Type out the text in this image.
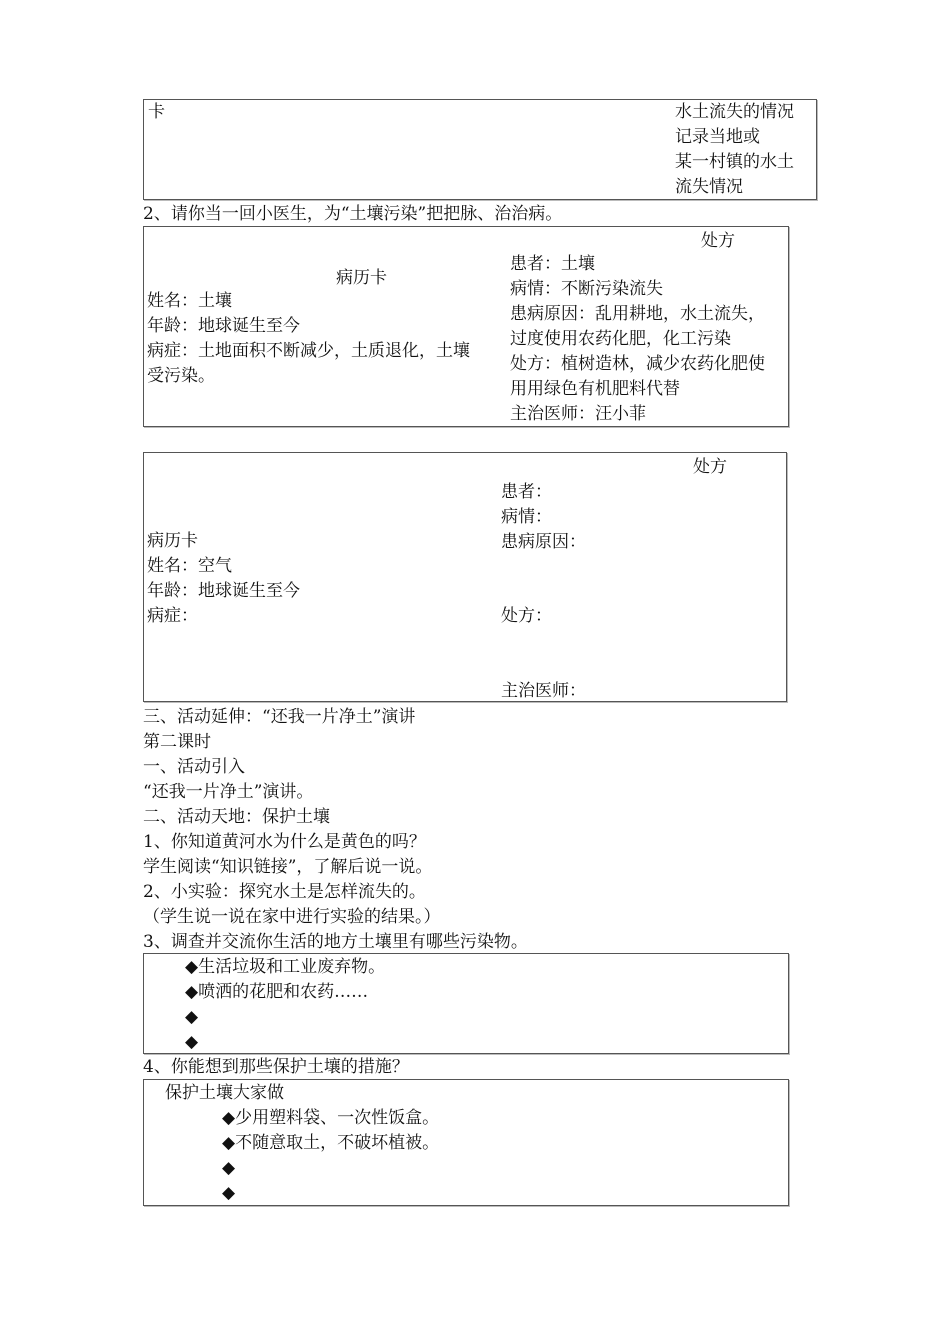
卡	水土流失的情况
记录当地或
某一村镇的水土
流失情况
2、请你当一回小医生，为“土壤污染”把把脉、治治病。
处方
病历卡
姓名：土壤
年龄：地球诞生至今
病症：土地面积不断减少，土质退化，土壤
受污染。
患者：土壤
病情：不断污染流失
患病原因：乱用耕地，水土流失，
过度使用农药化肥，化工污染
处方：植树造林，减少农药化肥使
用用绿色有机肥料代替
主治医师：汪小菲
处方
病历卡
姓名：空气
年龄：地球诞生至今
病症：
患者：
病情：
患病原因：
处方：
主治医师：
三、活动延伸：“还我一片净土”演讲
第二课时
一、活动引入
“还我一片净土”演讲。
二、活动天地：保护土壤
1、你知道黄河水为什么是黄色的吗？
学生阅读“知识链接”，了解后说一说。
2、小实验：探究水土是怎样流失的。
（学生说一说在家中进行实验的结果。）
3、调查并交流你生活的地方土壤里有哪些污染物。
◆生活垃圾和工业废弃物。
◆喷洒的花肥和农药……
◆
◆
4、你能想到那些保护土壤的措施？
保护土壤大家做
◆少用塑料袋、一次性饭盒。
◆不随意取土，不破坏植被。
◆
◆
